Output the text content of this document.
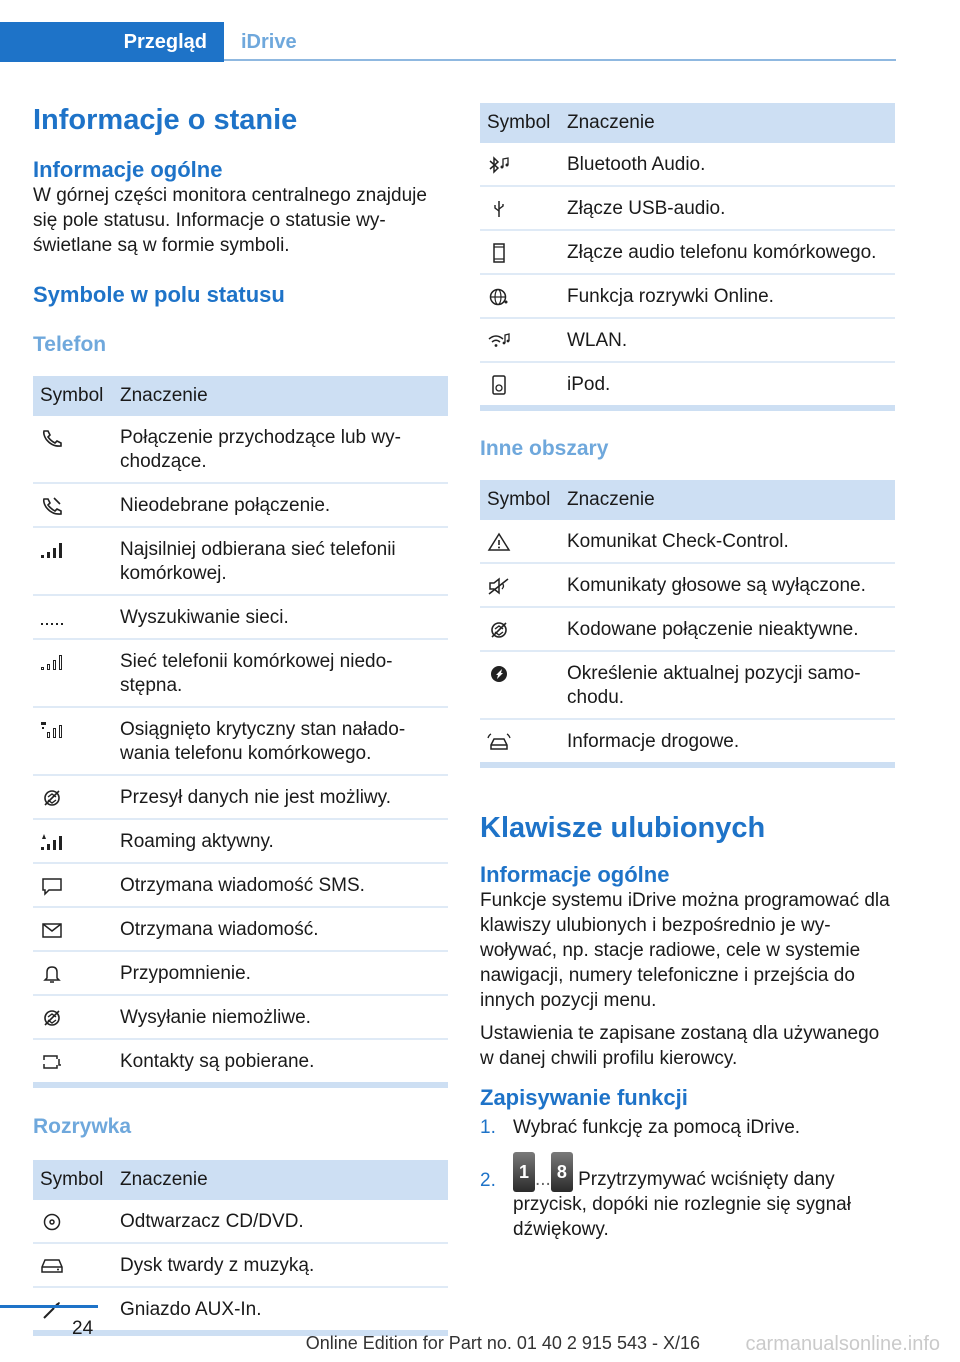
Przegląd	iDrive
Informacje o stanie
Informacje ogólne

W górnej części monitora centralnego znajduje się pole statusu. Informacje o statusie wyświetlane są w formie symboli.

Symbole w polu statusu
Telefon
Symbol	Znaczenie

	Połączenie przychodzące lub wychodzące.

	Nieodebrane połączenie.

	Najsilniej odbierana sieć telefonii komórkowej.

	Wyszukiwanie sieci.

	Sieć telefonii komórkowej niedostępna.

	Osiągnięto krytyczny stan naładowania telefonu komórkowego.

	Przesył danych nie jest możliwy.

	Roaming aktywny.

	Otrzymana wiadomość SMS.

	Otrzymana wiadomość.

	Przypomnienie.

	Wysyłanie niemożliwe.

	Kontakty są pobierane.
Rozrywka
Symbol	Znaczenie

	Odtwarzacz CD/DVD.

	Dysk twardy z muzyką.

	Gniazdo AUX-In.
Symbol	Znaczenie

	Bluetooth Audio.

	Złącze USB-audio.

	Złącze audio telefonu komórkowego.

	Funkcja rozrywki Online.

	WLAN.

	iPod.
Inne obszary
Symbol	Znaczenie

	Komunikat Check-Control.

	Komunikaty głosowe są wyłączone.

	Kodowane połączenie nieaktywne.

	Określenie aktualnej pozycji samochodu.

	Informacje drogowe.
Klawisze ulubionych
Informacje ogólne

Funkcje systemu iDrive można programować dla klawiszy ulubionych i bezpośrednio je wywoływać, np. stacje radiowe, cele w systemie nawigacji, numery telefoniczne i przejścia do innych pozycji menu.

Ustawienia te zapisane zostaną dla używanego w danej chwili profilu kierowcy.

Zapisywanie funkcji
1. Wybrać funkcję za pomocą iDrive.
2. 1 ... 8 Przytrzymywać wciśnięty dany przycisk, dopóki nie rozlegnie się sygnał dźwiękowy.
24
Online Edition for Part no. 01 40 2 915 543 - X/16 carmanualsonline.info
